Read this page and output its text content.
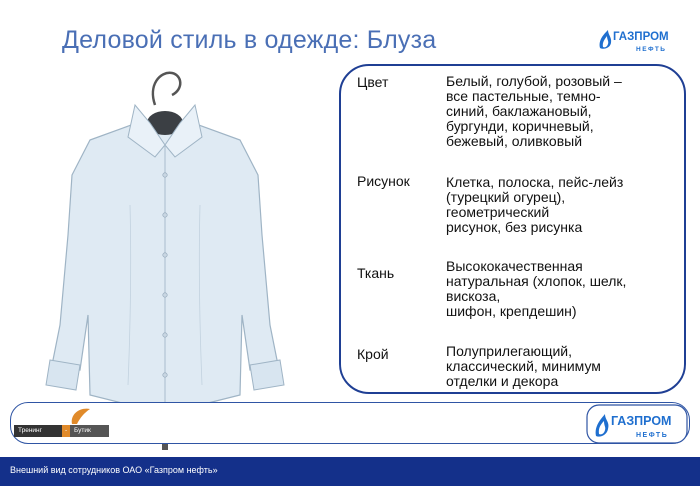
Деловой стиль в одежде: Блуза	ГАЗПРОМ
НЕФТЬ
Цвет	Белый, голубой, розовый –
все пастельные, темно-
синий, баклажановый,
бургунди, коричневый,
бежевый, оливковый
Рисунок	Клетка, полоска, пейс-лейз
(турецкий огурец),
геометрический
рисунок, без рисунка
Ткань	Высококачественная
натуральная (хлопок, шелк,
вискоза,
шифон, крепдешин)
Крой	Полуприлегающий,
классический, минимум
отделки и декора
Тренинг	-	Бутик
ГАЗПРОМ
НЕФТЬ
Внешний вид сотрудников ОАО «Газпром нефть»
